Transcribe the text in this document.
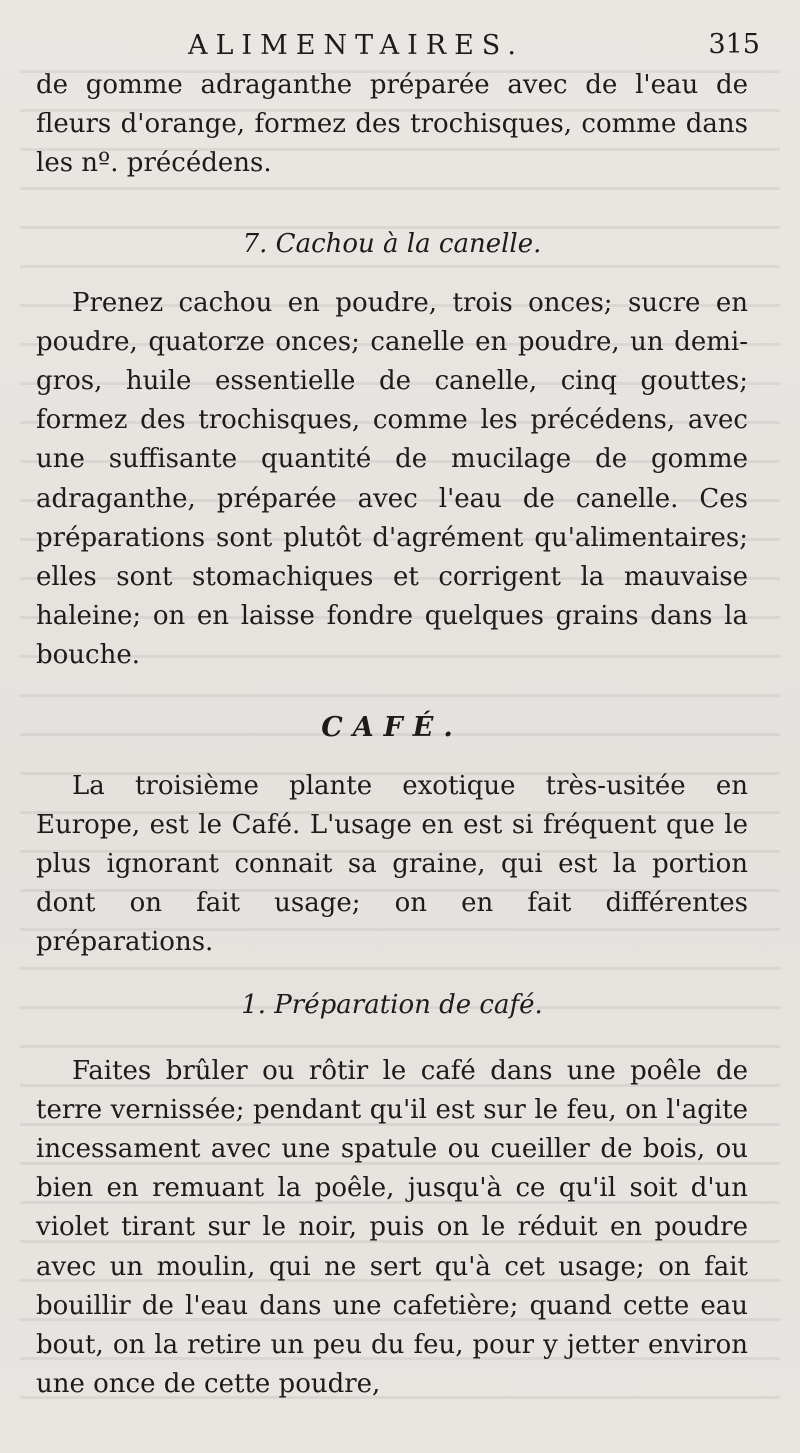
ALIMENTAIRES.	315

de gomme adraganthe préparée avec de l'eau de fleurs d'orange, formez des trochisques, comme dans les nº. précédens.

7. Cachou à la canelle.

Prenez cachou en poudre, trois onces; sucre en poudre, quatorze onces; canelle en poudre, un demi-gros, huile essentielle de canelle, cinq gouttes; formez des trochisques, comme les précédens, avec une suffisante quantité de mucilage de gomme adraganthe, préparée avec l'eau de canelle. Ces préparations sont plutôt d'agrément qu'alimentaires; elles sont stomachiques et corrigent la mauvaise haleine; on en laisse fondre quelques grains dans la bouche.

CAFÉ.

La troisième plante exotique très-usitée en Europe, est le Café. L'usage en est si fréquent que le plus ignorant connait sa graine, qui est la portion dont on fait usage; on en fait différentes préparations.

1. Préparation de café.

Faites brûler ou rôtir le café dans une poêle de terre vernissée; pendant qu'il est sur le feu, on l'agite incessament avec une spatule ou cueiller de bois, ou bien en remuant la poêle, jusqu'à ce qu'il soit d'un violet tirant sur le noir, puis on le réduit en poudre avec un moulin, qui ne sert qu'à cet usage; on fait bouillir de l'eau dans une cafetière; quand cette eau bout, on la retire un peu du feu, pour y jetter environ une once de cette poudre,
